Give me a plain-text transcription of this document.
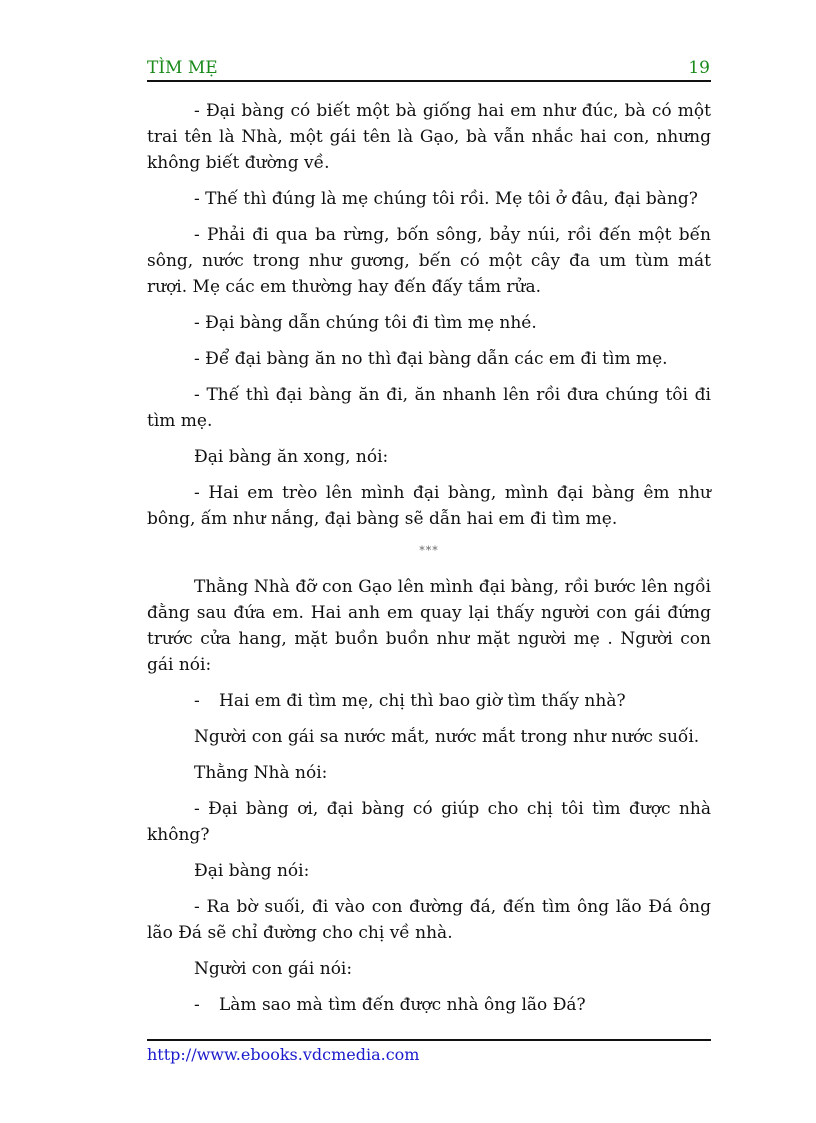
TÌM MẸ	19

- Đại bàng có biết một bà giống hai em như đúc, bà có một trai tên là Nhà, một gái tên là Gạo, bà vẫn nhắc hai con, nhưng không biết đường về.

- Thế thì đúng là mẹ chúng tôi rồi. Mẹ tôi ở đâu, đại bàng?

- Phải đi qua ba rừng, bốn sông, bảy núi, rồi đến một bến sông, nước trong như gương, bến có một cây đa um tùm mát rượi. Mẹ các em thường hay đến đấy tắm rửa.

- Đại bàng dẫn chúng tôi đi tìm mẹ nhé.

- Để đại bàng ăn no thì đại bàng dẫn các em đi tìm mẹ.

- Thế thì đại bàng ăn đi, ăn nhanh lên rồi đưa chúng tôi đi tìm mẹ.

Đại bàng ăn xong, nói:

- Hai em trèo lên mình đại bàng, mình đại bàng êm như bông, ấm như nắng, đại bàng sẽ dẫn hai em đi tìm mẹ.

***

Thằng Nhà đỡ con Gạo lên mình đại bàng, rồi bước lên ngồi đằng sau đứa em. Hai anh em quay lại thấy người con gái đứng trước cửa hang, mặt buồn buồn như mặt người mẹ . Người con gái nói:

-	Hai em đi tìm mẹ, chị thì bao giờ tìm thấy nhà?

Người con gái sa nước mắt, nước mắt trong như nước suối.

Thằng Nhà nói:

- Đại bàng ơi, đại bàng có giúp cho chị tôi tìm được nhà không?

Đại bàng nói:

- Ra bờ suối, đi vào con đường đá, đến tìm ông lão Đá ông lão Đá sẽ chỉ đường cho chị về nhà.

Người con gái nói:

-	Làm sao mà tìm đến được nhà ông lão Đá?

http://www.ebooks.vdcmedia.com
